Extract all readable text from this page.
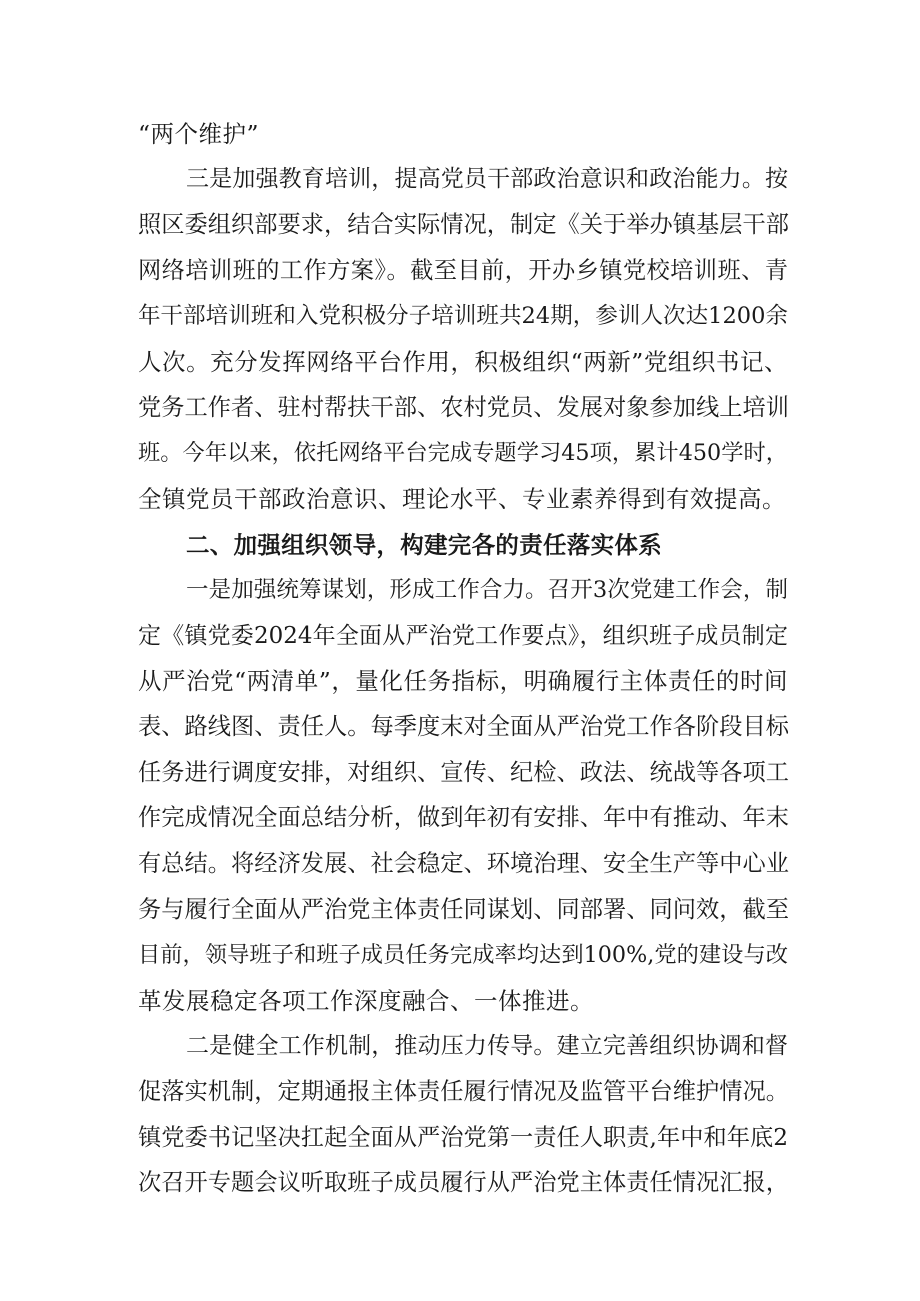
“两个维护”
三是加强教育培训，提高党员干部政治意识和政治能力。按
照区委组织部要求，结合实际情况，制定《关于举办镇基层干部
网络培训班的工作方案》。截至目前，开办乡镇党校培训班、青
年干部培训班和入党积极分子培训班共24期，参训人次达1200余
人次。充分发挥网络平台作用，积极组织“两新”党组织书记、
党务工作者、驻村帮扶干部、农村党员、发展对象参加线上培训
班。今年以来，依托网络平台完成专题学习45项，累计450学时，
全镇党员干部政治意识、理论水平、专业素养得到有效提高。
二、加强组织领导，构建完各的责任落实体系
一是加强统筹谋划，形成工作合力。召开3次党建工作会，制
定《镇党委2024年全面从严治党工作要点》，组织班子成员制定
从严治党“两清单”，量化任务指标，明确履行主体责任的时间
表、路线图、责任人。每季度末对全面从严治党工作各阶段目标
任务进行调度安排，对组织、宣传、纪检、政法、统战等各项工
作完成情况全面总结分析，做到年初有安排、年中有推动、年末
有总结。将经济发展、社会稳定、环境治理、安全生产等中心业
务与履行全面从严治党主体责任同谋划、同部署、同问效，截至
目前，领导班子和班子成员任务完成率均达到100%,党的建设与改
革发展稳定各项工作深度融合、一体推进。
二是健全工作机制，推动压力传导。建立完善组织协调和督
促落实机制，定期通报主体责任履行情况及监管平台维护情况。
镇党委书记坚决扛起全面从严治党第一责任人职责,年中和年底2
次召开专题会议听取班子成员履行从严治党主体责任情况汇报，
